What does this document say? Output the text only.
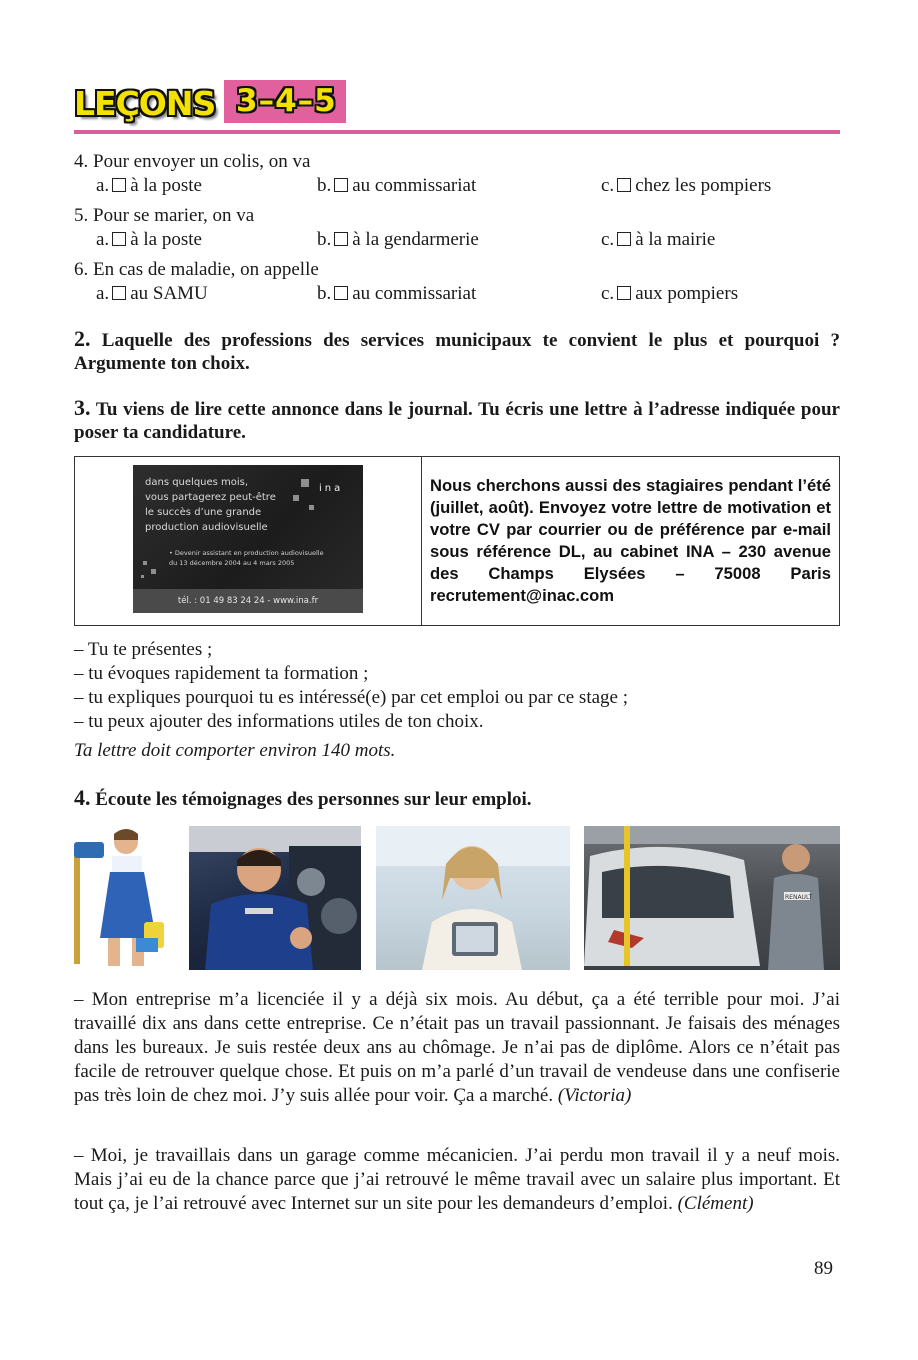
LEÇONS 3–4–5
4. Pour envoyer un colis, on va
a. à la poste	b. au commissariat	c. chez les pompiers
5. Pour se marier, on va
a. à la poste	b. à la gendarmerie	c. à la mairie
6. En cas de maladie, on appelle
a. au SAMU	b. au commissariat	c. aux pompiers
2. Laquelle des professions des services municipaux te convient le plus et pourquoi ? Argumente ton choix.
3. Tu viens de lire cette annonce dans le journal. Tu écris une lettre à l’adresse indiquée pour poser ta candidature.
dans quelques mois,
vous partagerez peut-être
le succès d’une grande
production audiovisuelle
ina
• Devenir assistant en production audiovisuelle
du 13 décembre 2004 au 4 mars 2005
tél. : 01 49 83 24 24 - www.ina.fr
Nous cherchons aussi des stagiaires pendant l’été (juillet, août). Envoyez votre lettre de motivation et votre CV par courrier ou de préférence par e-mail sous référence DL, au cabinet INA – 230 avenue des Champs Elysées – 75008 Paris recrutement@inac.com
– Tu te présentes ;
– tu évoques rapidement ta formation ;
– tu expliques pourquoi tu es intéressé(e) par cet emploi ou par ce stage ;
– tu peux ajouter des informations utiles de ton choix.
Ta lettre doit comporter environ 140 mots.
4. Écoute les témoignages des personnes sur leur emploi.
RENAULT
– Mon entreprise m’a licenciée il y a déjà six mois. Au début, ça a été terrible pour moi. J’ai travaillé dix ans dans cette entreprise. Ce n’était pas un travail passionnant. Je faisais des ménages dans les bureaux. Je suis restée deux ans au chômage. Je n’ai pas de diplôme. Alors ce n’était pas facile de retrouver quelque chose. Et puis on m’a parlé d’un travail de vendeuse dans une confiserie pas très loin de chez moi. J’y suis allée pour voir. Ça a marché. (Victoria)
– Moi, je travaillais dans un garage comme mécanicien. J’ai perdu mon travail il y a neuf mois. Mais j’ai eu de la chance parce que j’ai retrouvé le même travail avec un salaire plus important. Et tout ça, je l’ai retrouvé avec Internet sur un site pour les demandeurs d’emploi. (Clément)
89
